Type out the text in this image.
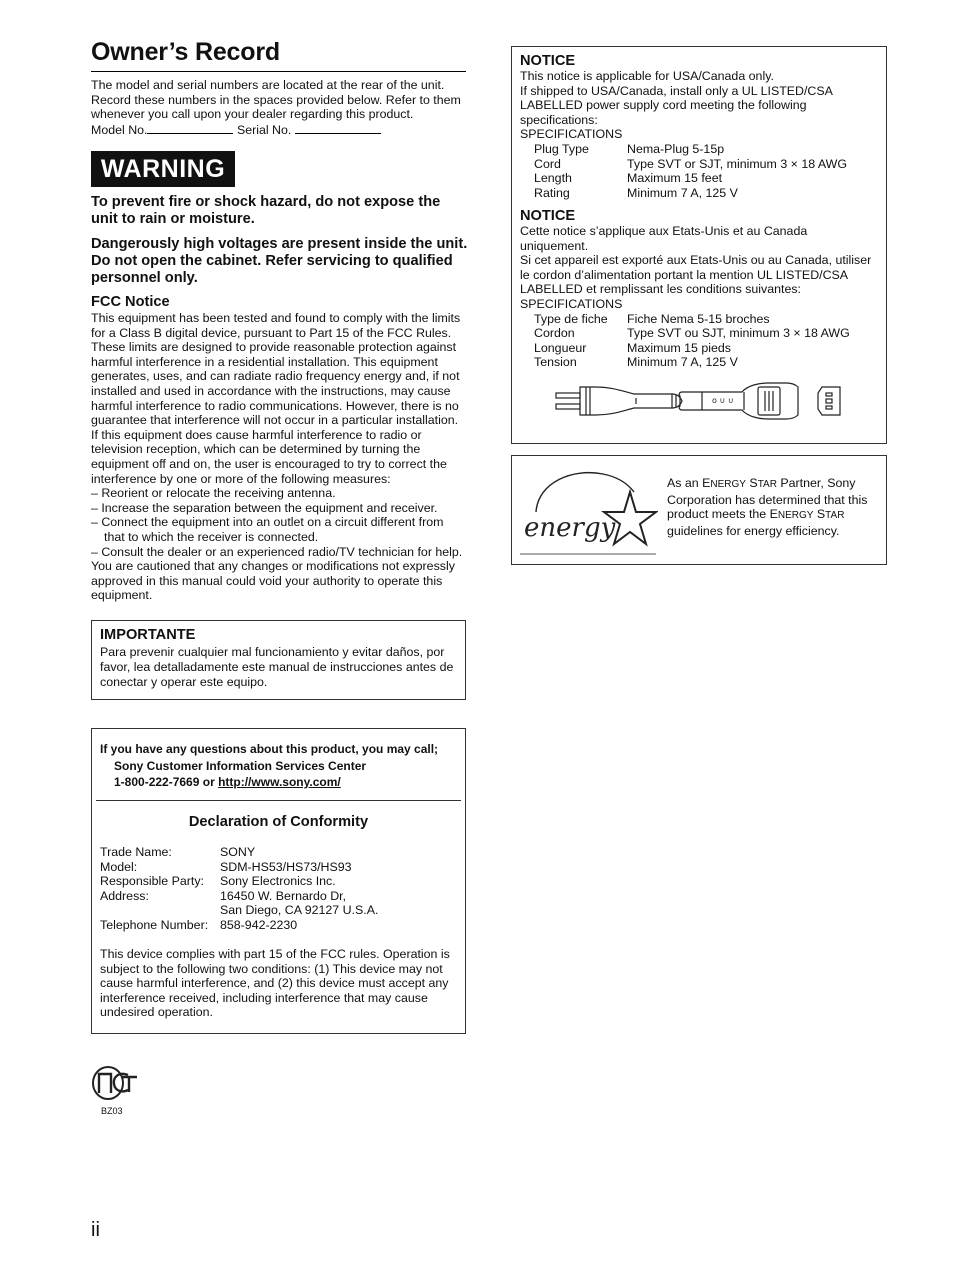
Owner’s Record
The model and serial numbers are located at the rear of the unit.
Record these numbers in the spaces provided below. Refer to them
whenever you call upon your dealer regarding this product.
Model No.	Serial No.
WARNING
To prevent fire or shock hazard, do not expose the unit to rain or moisture.
Dangerously high voltages are present inside the unit. Do not open the cabinet. Refer servicing to qualified personnel only.
FCC Notice
This equipment has been tested and found to comply with the limits
for a Class B digital device, pursuant to Part 15 of the FCC Rules.
These limits are designed to provide reasonable protection against
harmful interference in a residential installation. This equipment
generates, uses, and can radiate radio frequency energy and, if not
installed and used in accordance with the instructions, may cause
harmful interference to radio communications. However, there is no
guarantee that interference will not occur in a particular installation.
If this equipment does cause harmful interference to radio or
television reception, which can be determined by turning the
equipment off and on, the user is encouraged to try to correct the
interference by one or more of the following measures:
– Reorient or relocate the receiving antenna.
– Increase the separation between the equipment and receiver.
– Connect the equipment into an outlet on a circuit different from
that to which the receiver is connected.
– Consult the dealer or an experienced radio/TV technician for help.
You are cautioned that any changes or modifications not expressly
approved in this manual could void your authority to operate this
equipment.
IMPORTANTE
Para prevenir cualquier mal funcionamiento y evitar daños, por favor, lea detalladamente este manual de instrucciones antes de conectar y operar este equipo.
If you have any questions about this product, you may call;
Sony Customer Information Services Center
1-800-222-7669 or http://www.sony.com/
Declaration of Conformity
Trade Name:	SONY
Model:	SDM-HS53/HS73/HS93
Responsible Party:	Sony Electronics Inc.
Address:	16450 W. Bernardo Dr,
	San Diego, CA 92127 U.S.A.
Telephone Number:	858-942-2230
This device complies with part 15 of the FCC rules. Operation is subject to the following two conditions: (1) This device may not cause harmful interference, and (2) this device must accept any interference received, including interference that may cause undesired operation.
BZ03
ii
NOTICE
This notice is applicable for USA/Canada only.
If shipped to USA/Canada, install only a UL LISTED/CSA
LABELLED power supply cord meeting the following
specifications:
SPECIFICATIONS
Plug Type	Nema-Plug 5-15p
Cord	Type SVT or SJT, minimum 3 × 18 AWG
Length	Maximum 15 feet
Rating	Minimum 7 A, 125 V
NOTICE
Cette notice s’applique aux Etats-Unis et au Canada
uniquement.
Si cet appareil est exporté aux Etats-Unis ou au Canada, utiliser
le cordon d’alimentation portant la mention UL LISTED/CSA
LABELLED et remplissant les conditions suivantes:
SPECIFICATIONS
Type de fiche	Fiche Nema 5-15 broches
Cordon	Type SVT ou SJT, minimum 3 × 18 AWG
Longueur	Maximum 15 pieds
Tension	Minimum 7 A, 125 V
o ∪ ∪
energy
As an ENERGY STAR Partner, Sony Corporation has determined that this product meets the ENERGY STAR guidelines for energy efficiency.
